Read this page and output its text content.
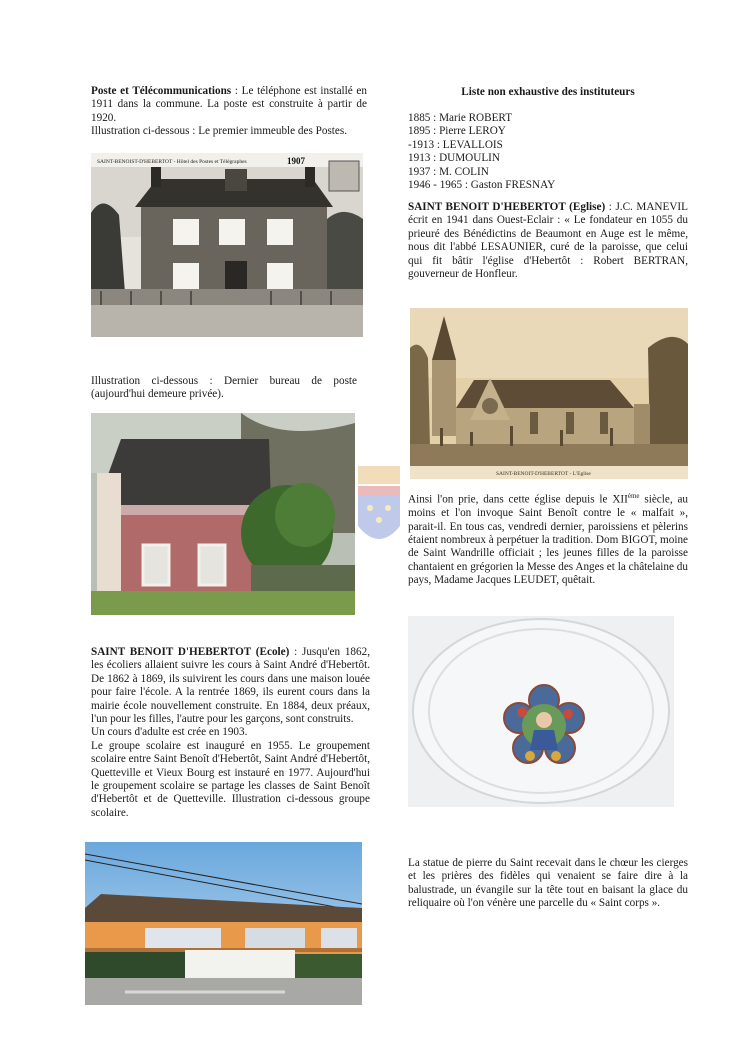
Poste et Télécommunications : Le téléphone est installé en 1911 dans la commune. La poste est construite à partir de 1920.

Illustration ci-dessous : Le premier immeuble des Postes.

SAINT-BENOIST-D'HEBERTOT - Hôtel des Postes et Télégraphes	1907
Illustration ci-dessous : Dernier bureau de poste (aujourd'hui demeure privée).

SAINT BENOIT D'HEBERTOT (Ecole) : Jusqu'en 1862, les écoliers allaient suivre les cours à Saint André d'Hebertôt. De 1862 à 1869, ils suivirent les cours dans une maison louée pour faire l'école. A la rentrée 1869, ils eurent cours dans la mairie école nouvellement construite. En 1884, deux préaux, l'un pour les filles, l'autre pour les garçons, sont construits.

Un cours d'adulte est crée en 1903.

Le groupe scolaire est inauguré en 1955. Le groupement scolaire entre Saint Benoît d'Hebertôt, Saint André d'Hebertôt, Quetteville et Vieux Bourg est instauré en 1977. Aujourd'hui le groupement scolaire se partage les classes de Saint Benoît d'Hebertôt et de Quetteville. Illustration ci-dessous groupe scolaire.

Liste non exhaustive des instituteurs
1885 : Marie ROBERT
1895 : Pierre LEROY
-1913 : LEVALLOIS
1913 : DUMOULIN
1937 : M. COLIN
1946 - 1965 : Gaston FRESNAY

SAINT BENOIT D'HEBERTOT (Eglise) : J.C. MANEVIL écrit en 1941 dans Ouest-Eclair : « Le fondateur en 1055 du prieuré des Bénédictins de Beaumont en Auge est le même, nous dit l'abbé LESAUNIER, curé de la paroisse, que celui qui fit bâtir l'église d'Hebertôt : Robert BERTRAN, gouverneur de Honfleur.

SAINT-BENOIT-D'HEBERTOT - L'Eglise

Ainsi l'on prie, dans cette église depuis le XIIème siècle, au moins et l'on invoque Saint Benoît contre le « malfait », parait-il. En tous cas, vendredi dernier, paroissiens et pèlerins étaient nombreux à perpétuer la tradition. Dom BIGOT, moine de Saint Wandrille officiait ; les jeunes filles de la paroisse chantaient en grégorien la Messe des Anges et la châtelaine du pays, Madame Jacques LEUDET, quêtait.

La statue de pierre du Saint recevait dans le chœur les cierges et les prières des fidèles qui venaient se faire dire à la balustrade, un évangile sur la tête tout en baisant la glace du reliquaire où l'on vénère une parcelle du « Saint corps ».
